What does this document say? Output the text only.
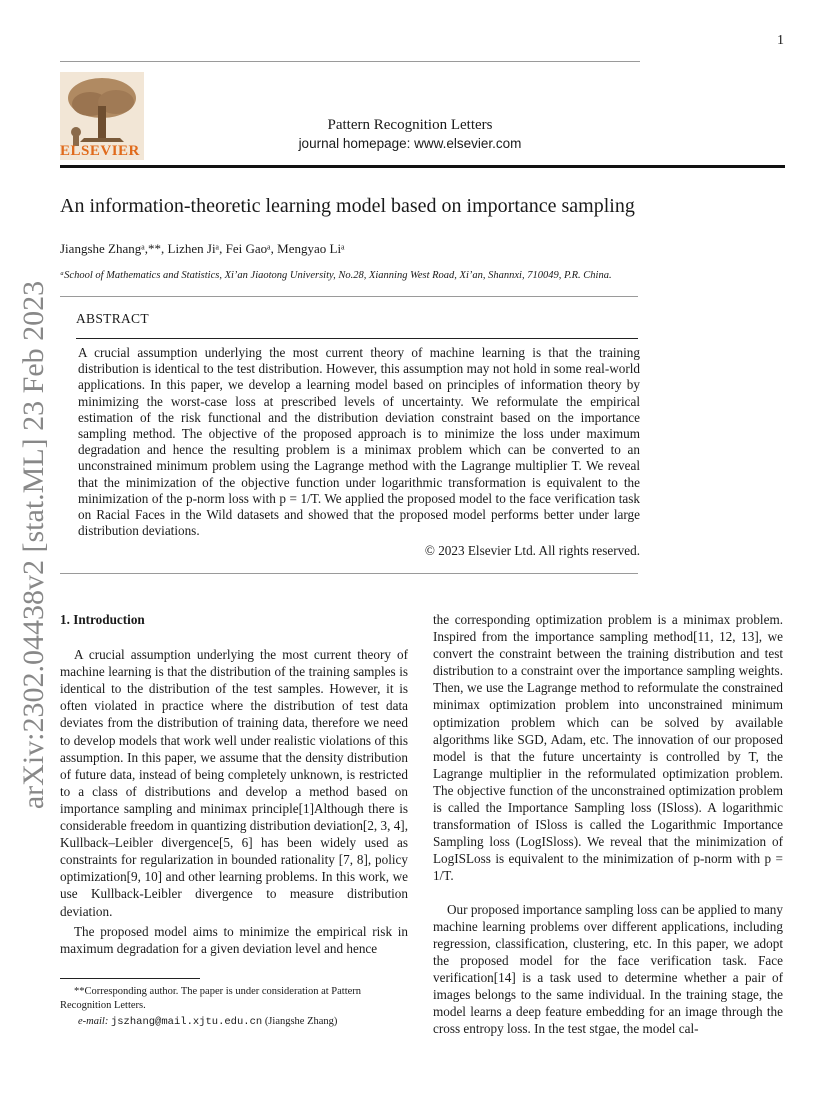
1
ELSEVIER
Pattern Recognition Letters
journal homepage: www.elsevier.com
An information-theoretic learning model based on importance sampling
Jiangshe Zhangᵃ,**, Lizhen Jiᵃ, Fei Gaoᵃ, Mengyao Liᵃ
ᵃSchool of Mathematics and Statistics, Xi’an Jiaotong University, No.28, Xianning West Road, Xi’an, Shannxi, 710049, P.R. China.
ABSTRACT
A crucial assumption underlying the most current theory of machine learning is that the training distribution is identical to the test distribution. However, this assumption may not hold in some real-world applications. In this paper, we develop a learning model based on principles of information theory by minimizing the worst-case loss at prescribed levels of uncertainty. We reformulate the empirical estimation of the risk functional and the distribution deviation constraint based on the importance sampling method. The objective of the proposed approach is to minimize the loss under maximum degradation and hence the resulting problem is a minimax problem which can be converted to an unconstrained minimum problem using the Lagrange method with the Lagrange multiplier T. We reveal that the minimization of the objective function under logarithmic transformation is equivalent to the minimization of the p-norm loss with p = 1/T. We applied the proposed model to the face verification task on Racial Faces in the Wild datasets and showed that the proposed model performs better under large distribution deviations.
© 2023 Elsevier Ltd. All rights reserved.
arXiv:2302.04438v2 [stat.ML] 23 Feb 2023 1. Introduction

A crucial assumption underlying the most current theory of machine learning is that the distribution of the training samples is identical to the distribution of the test samples. However, it is often violated in practice where the distribution of test data deviates from the distribution of training data, therefore we need to develop models that work well under realistic violations of this assumption. In this paper, we assume that the density distribution of future data, instead of being completely unknown, is restricted to a class of distributions and develop a method based on importance sampling and minimax principle[1]Although there is considerable freedom in quantizing distribution deviation[2, 3, 4], Kullback–Leibler divergence[5, 6] has been widely used as constraints for regularization in bounded rationality [7, 8], policy optimization[9, 10] and other learning problems. In this work, we use Kullback-Leibler divergence to measure distribution deviation.

The proposed model aims to minimize the empirical risk in maximum degradation for a given deviation level and hence

the corresponding optimization problem is a minimax problem. Inspired from the importance sampling method[11, 12, 13], we convert the constraint between the training distribution and test distribution to a constraint over the importance sampling weights. Then, we use the Lagrange method to reformulate the constrained minimax optimization problem into unconstrained minimum optimization problem which can be solved by available algorithms like SGD, Adam, etc. The innovation of our proposed model is that the future uncertainty is controlled by T, the Lagrange multiplier in the reformulated optimization problem. The objective function of the unconstrained optimization problem is called the Importance Sampling loss (ISloss). A logarithmic transformation of ISloss is called the Logarithmic Importance Sampling loss (LogISloss). We reveal that the minimization of LogISLoss is equivalent to the minimization of p-norm with p = 1/T.

Our proposed importance sampling loss can be applied to many machine learning problems over different applications, including regression, classification, clustering, etc. In this paper, we adopt the proposed model for the face verification task. Face verification[14] is a task used to determine whether a pair of images belongs to the same individual. In the training stage, the model learns a deep feature embedding for an image through the cross entropy loss. In the test stgae, the model cal-

**Corresponding author. The paper is under consideration at Pattern Recognition Letters.
e-mail: jszhang@mail.xjtu.edu.cn (Jiangshe Zhang)
